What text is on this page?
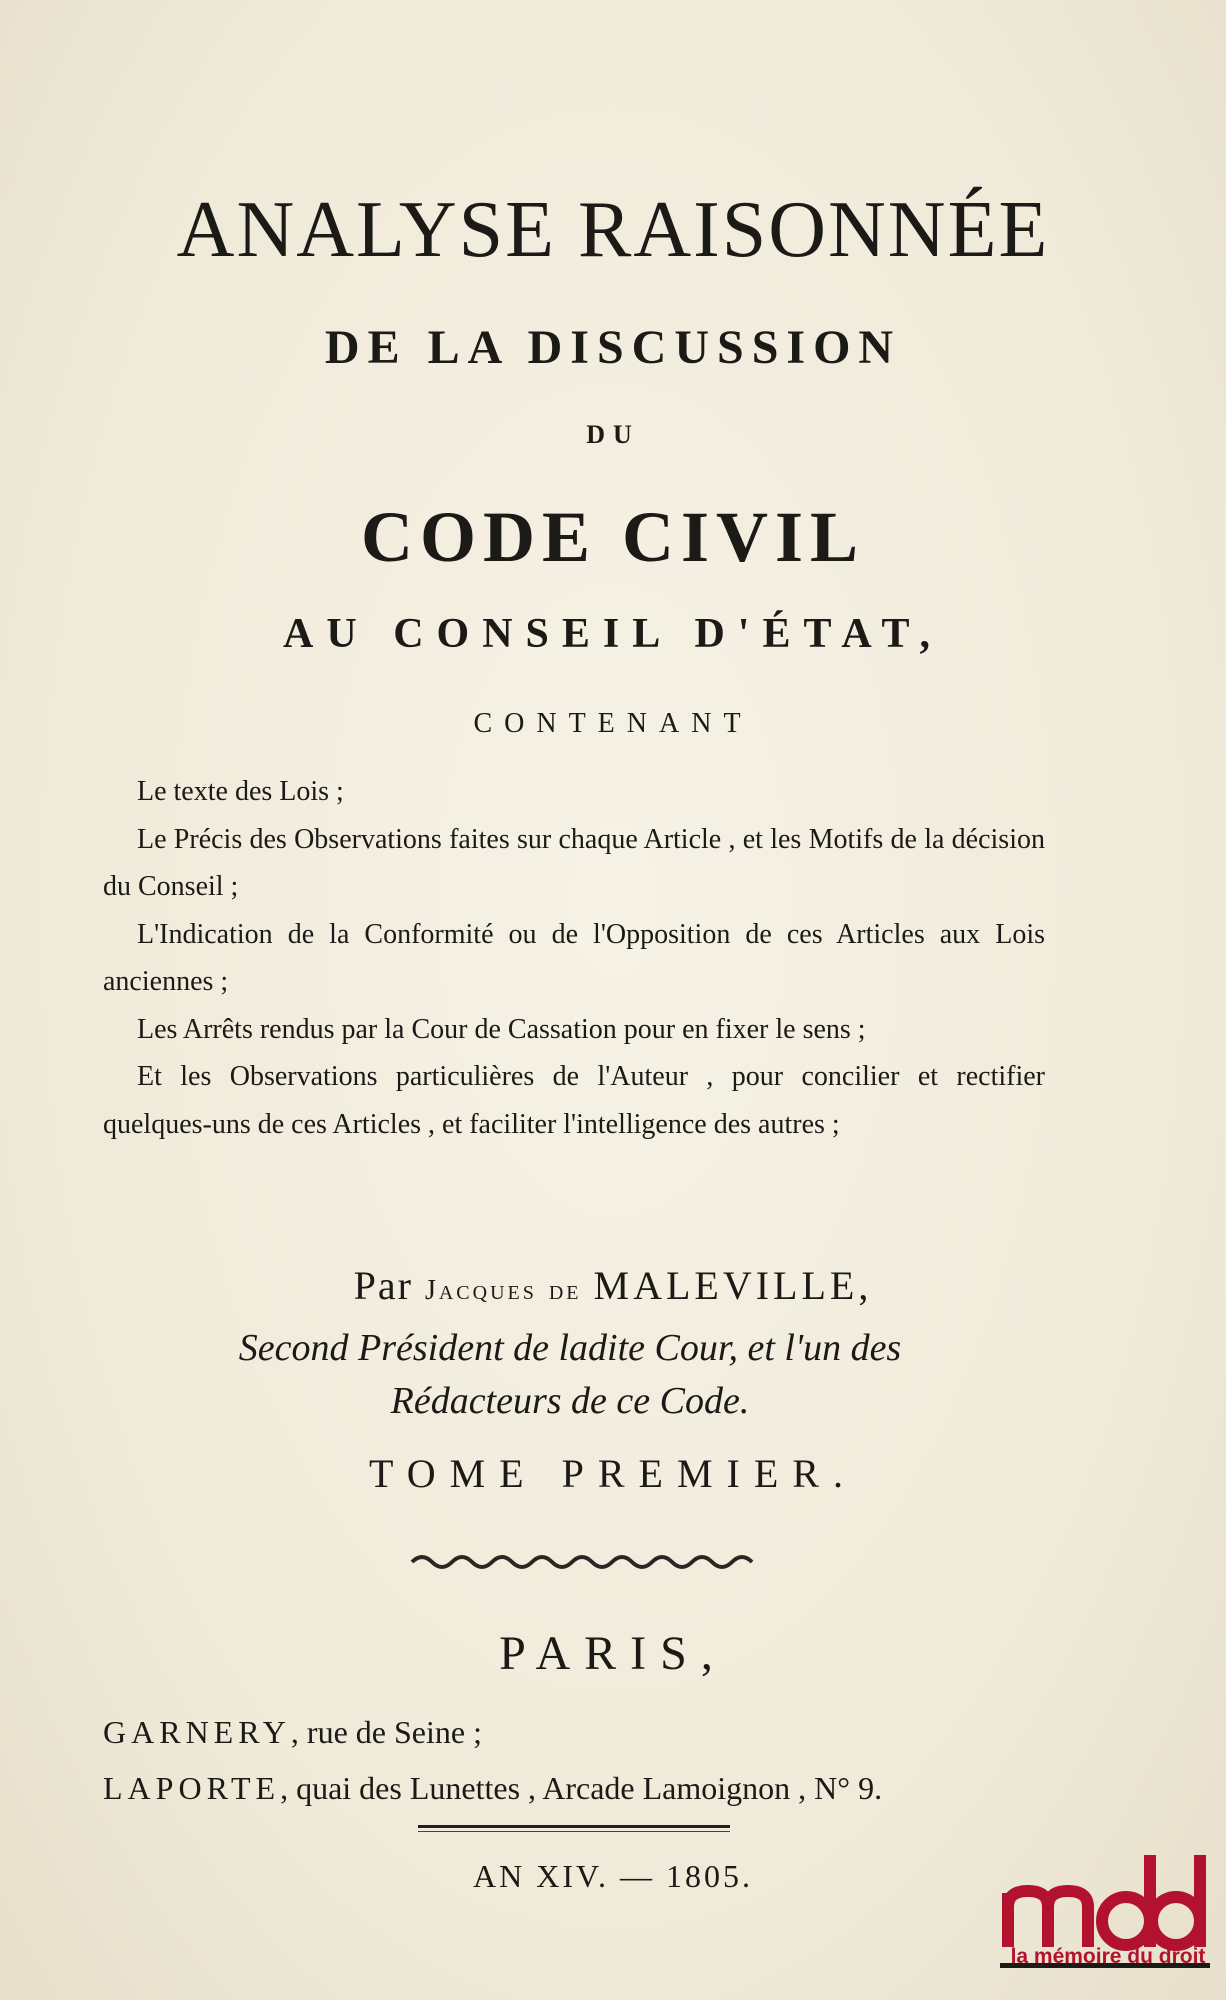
ANALYSE RAISONNÉE
DE LA DISCUSSION
DU
CODE CIVIL
AU CONSEIL D'ÉTAT,
CONTENANT

Le texte des Lois ;

Le Précis des Observations faites sur chaque Article , et les Motifs de la décision du Conseil ;

L'Indication de la Conformité ou de l'Opposition de ces Articles aux Lois anciennes ;

Les Arrêts rendus par la Cour de Cassation pour en fixer le sens ;

Et les Observations particulières de l'Auteur , pour concilier et rectifier quelques-uns de ces Articles , et faciliter l'intelligence des autres ;

Par Jacques de MALEVILLE,
Second Président de ladite Cour, et l'un des
Rédacteurs de ce Code.
TOME PREMIER.
PARIS,
GARNERY, rue de Seine ;
LAPORTE, quai des Lunettes , Arcade Lamoignon , N° 9.
AN XIV. — 1805.
la mémoire du droit
